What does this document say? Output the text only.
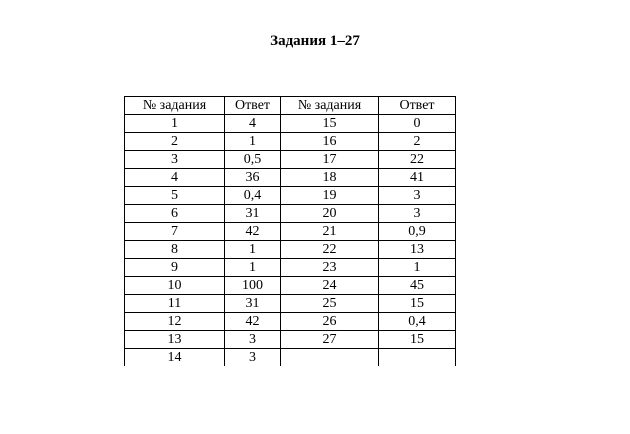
Задания 1–27
№ задания	Ответ	№ задания	Ответ
1	4	15	0
2	1	16	2
3	0,5	17	22
4	36	18	41
5	0,4	19	3
6	31	20	3
7	42	21	0,9
8	1	22	13
9	1	23	1
10	100	24	45
11	31	25	15
12	42	26	0,4
13	3	27	15
14	3		
